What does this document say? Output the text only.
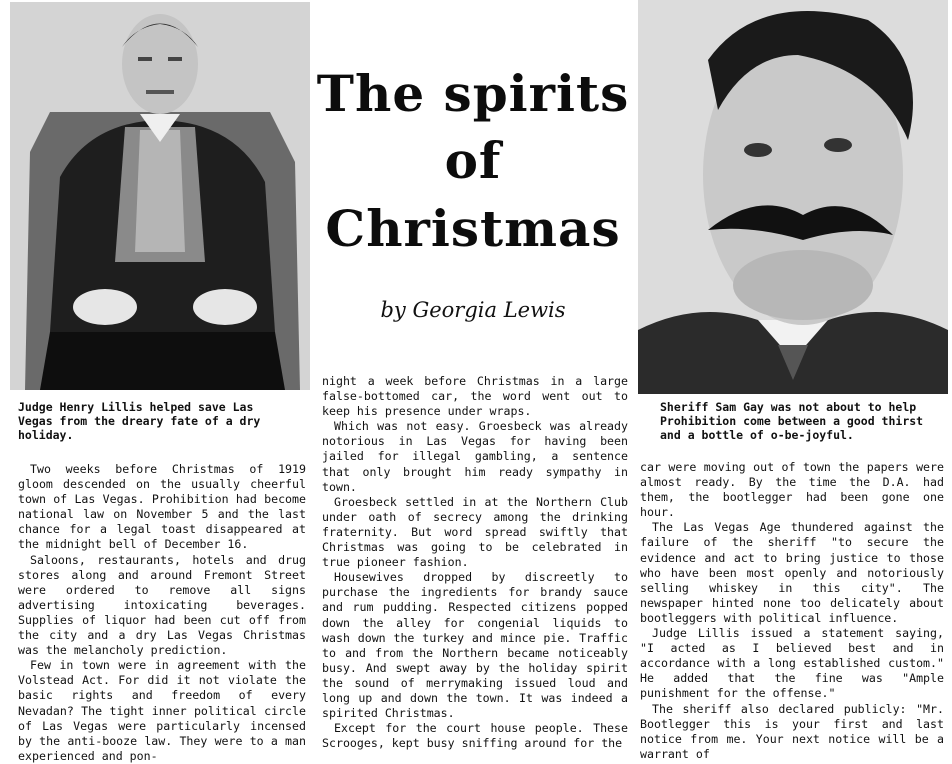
Judge Henry Lillis helped save Las Vegas from the dreary fate of a dry holiday.

Sheriff Sam Gay was not about to help Prohibition come between a good thirst and a bottle of o-be-joyful.

The spirits

of

Christmas

by Georgia Lewis

Two weeks before Christmas of 1919 gloom descended on the usually cheerful town of Las Vegas. Prohibition had become national law on November 5 and the last chance for a legal toast disappeared at the midnight bell of December 16.

Saloons, restaurants, hotels and drug stores along and around Fremont Street were ordered to remove all signs advertising intoxicating beverages. Supplies of liquor had been cut off from the city and a dry Las Vegas Christmas was the melancholy prediction.

Few in town were in agreement with the Volstead Act. For did it not violate the basic rights and freedom of every Nevadan? The tight inner political circle of Las Vegas were particularly incensed by the anti-booze law. They were to a man experienced and pon-

night a week before Christmas in a large false-bottomed car, the word went out to keep his presence under wraps.

Which was not easy. Groesbeck was already notorious in Las Vegas for having been jailed for illegal gambling, a sentence that only brought him ready sympathy in town.

Groesbeck settled in at the Northern Club under oath of secrecy among the drinking fraternity. But word spread swiftly that Christmas was going to be celebrated in true pioneer fashion.

Housewives dropped by discreetly to purchase the ingredients for brandy sauce and rum pudding. Respected citizens popped down the alley for congenial liquids to wash down the turkey and mince pie. Traffic to and from the Northern became noticeably busy. And swept away by the holiday spirit the sound of merrymaking issued loud and long up and down the town. It was indeed a spirited Christmas.

Except for the court house people. These Scrooges, kept busy sniffing around for the

car were moving out of town the papers were almost ready. By the time the D.A. had them, the bootlegger had been gone one hour.

The Las Vegas Age thundered against the failure of the sheriff "to secure the evidence and act to bring justice to those who have been most openly and notoriously selling whiskey in this city". The newspaper hinted none too delicately about bootleggers with political influence.

Judge Lillis issued a statement saying, "I acted as I believed best and in accordance with a long established custom." He added that the fine was "Ample punishment for the offense."

The sheriff also declared publicly: "Mr. Bootlegger this is your first and last notice from me. Your next notice will be a warrant of
